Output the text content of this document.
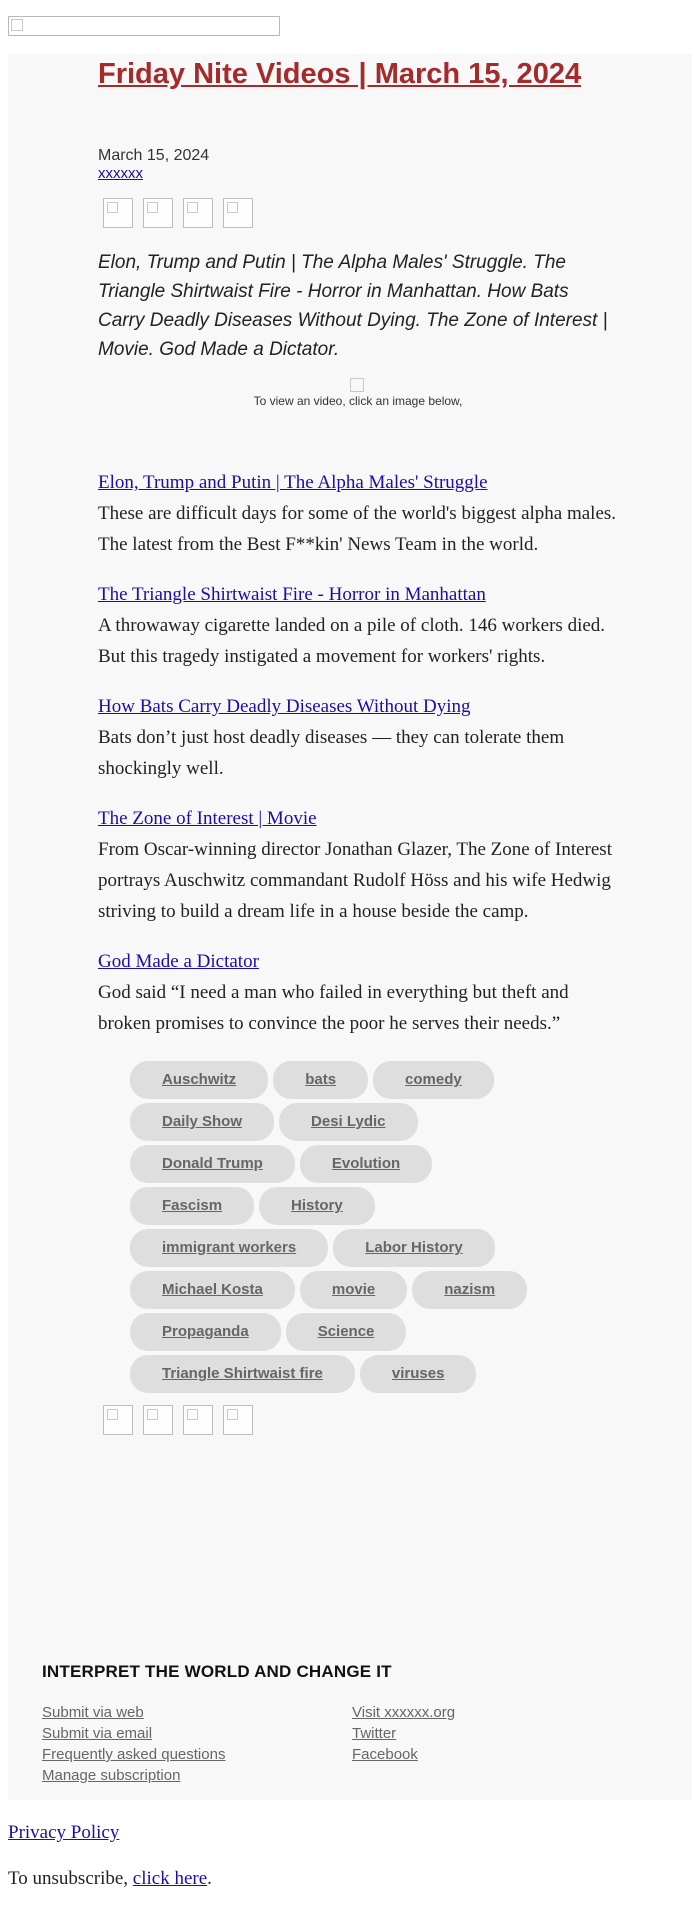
Friday Nite Videos | March 15, 2024
March 15, 2024
xxxxxx

Elon, Trump and Putin | The Alpha Males' Struggle. The Triangle Shirtwaist Fire - Horror in Manhattan. How Bats Carry Deadly Diseases Without Dying. The Zone of Interest | Movie. God Made a Dictator.

To view an video, click an image below,
Elon, Trump and Putin | The Alpha Males' Struggle

These are difficult days for some of the world's biggest alpha males. The latest from the Best F**kin' News Team in the world.

The Triangle Shirtwaist Fire - Horror in Manhattan

A throwaway cigarette landed on a pile of cloth. 146 workers died. But this tragedy instigated a movement for workers' rights.

How Bats Carry Deadly Diseases Without Dying

Bats don’t just host deadly diseases — they can tolerate them shockingly well.

The Zone of Interest | Movie

From Oscar-winning director Jonathan Glazer, The Zone of Interest portrays Auschwitz commandant Rudolf Höss and his wife Hedwig striving to build a dream life in a house beside the camp.

God Made a Dictator

God said “I need a man who failed in everything but theft and broken promises to convince the poor he serves their needs.”

Auschwitz	bats	comedy
Daily Show	Desi Lydic
Donald Trump	Evolution
Fascism	History
immigrant workers	Labor History
Michael Kosta	movie	nazism
Propaganda	Science
Triangle Shirtwaist fire	viruses
INTERPRET THE WORLD AND CHANGE IT
Submit via web
Submit via email
Frequently asked questions
Manage subscription
Visit xxxxxx.org
Twitter
Facebook
Privacy Policy
To unsubscribe, click here.
